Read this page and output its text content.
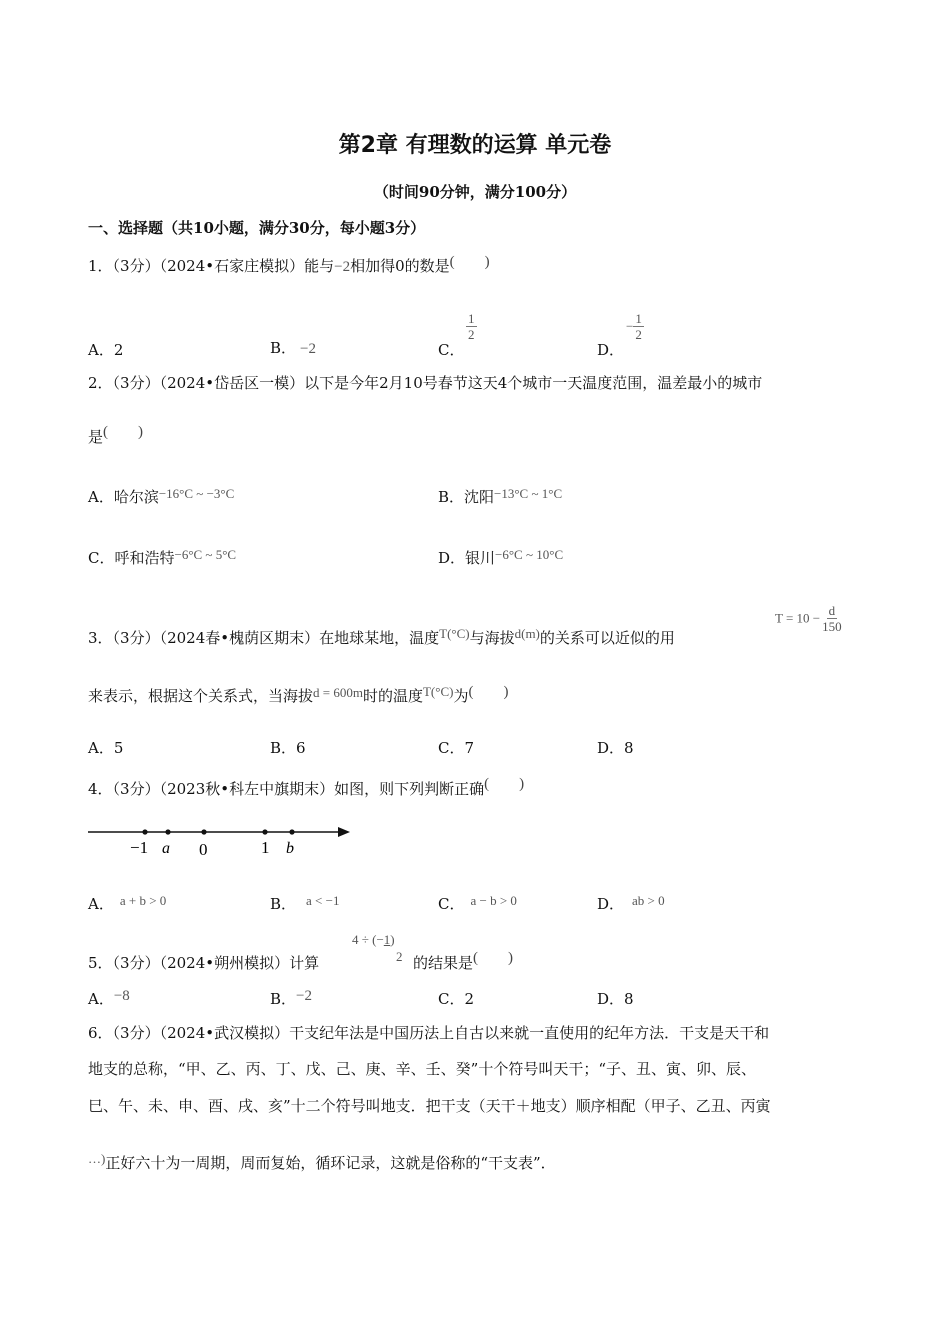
第2章 有理数的运算 单元卷
（时间90分钟，满分100分）
一、选择题（共10小题，满分30分，每小题3分）
1．（3分）（2024•石家庄模拟）能与−2相加得0的数是(　　)
A．2	B． −2	C．
$\frac{1}{2}$
D．
− $\frac{1}{2}$
2．（3分）（2024•岱岳区一模）以下是今年2月10号春节这天4个城市一天温度范围，温差最小的城市
是(　　)
A．哈尔滨−16°C ~ −3°C	B．沈阳−13°C ~ 1°C
C．呼和浩特−6°C ~ 5°C	D．银川−6°C ~ 10°C
3．（3分）（2024春•槐荫区期末）在地球某地，温度T(°C)与海拔d(m)的关系可以近似的用
$T = 10 - \frac{d}{150}$
来表示，根据这个关系式，当海拔d = 600m时的温度T(°C)为(　　)
A．5	B．6	C．7	D．8
4．（3分）（2023秋•科左中旗期末）如图，则下列判断正确(　　)
−1 a 0	1 b
A． a + b > 0	B． a < −1	C． a − b > 0	D． ab > 0
5．（3分）（2024•朔州模拟）计算
4 ÷ (−1)
2 的结果是(　　)
A．−8	B．−2	C．2	D．8
6．（3分）（2024•武汉模拟）干支纪年法是中国历法上自古以来就一直使用的纪年方法．干支是天干和
地支的总称，“甲、乙、丙、丁、戊、己、庚、辛、壬、癸”十个符号叫天干；“子、丑、寅、卯、辰、
巳、午、未、申、酉、戌、亥”十二个符号叫地支．把干支（天干＋地支）顺序相配（甲子、乙丑、丙寅
…)正好六十为一周期，周而复始，循环记录，这就是俗称的“干支表”．
